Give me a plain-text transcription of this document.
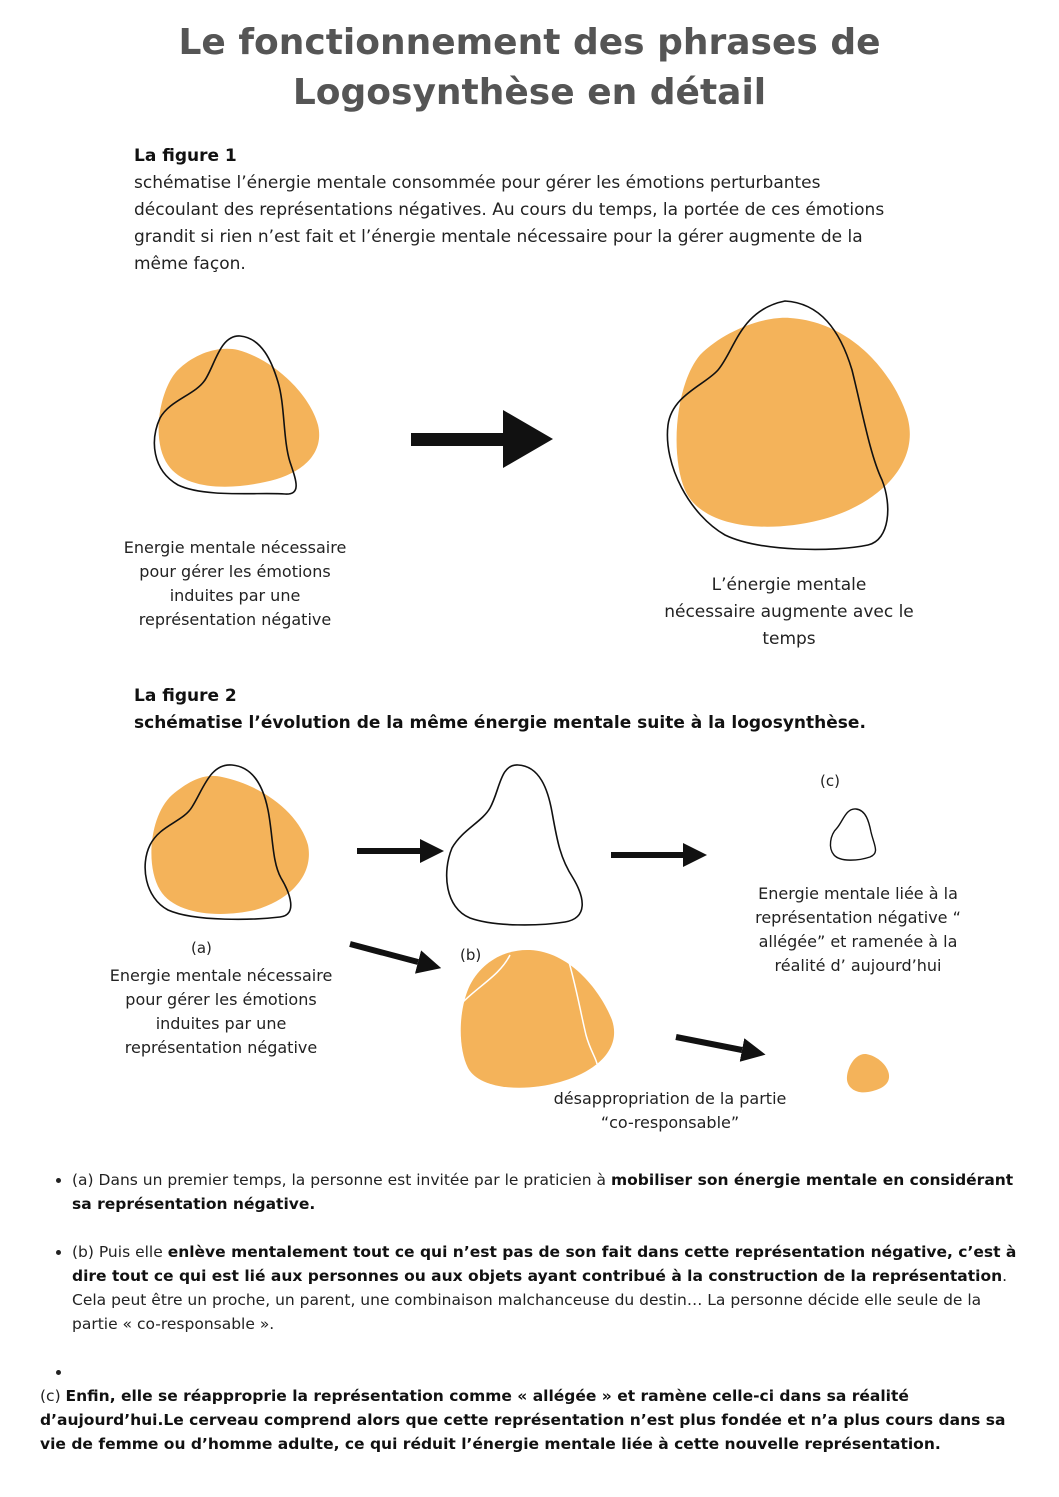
Le fonctionnement des phrases de Logosynthèse en détail
La figure 1
schématise l’énergie mentale consommée pour gérer les émotions perturbantes découlant des représentations négatives. Au cours du temps, la portée de ces émotions grandit si rien n’est fait et l’énergie mentale nécessaire pour la gérer augmente de la même façon.
Energie mentale nécessaire pour gérer les émotions induites par une représentation négative
L’énergie mentale nécessaire augmente avec le temps
La figure 2
schématise l’évolution de la même énergie mentale suite à la logosynthèse.
(c)
(a)	(b)
Energie mentale nécessaire pour gérer les émotions induites par une représentation négative
Energie mentale liée à la représentation négative “ allégée” et ramenée à la réalité d’ aujourd’hui
désappropriation de la partie “co-responsable”
• (a) Dans un premier temps, la personne est invitée par le praticien à mobiliser son énergie mentale en considérant sa représentation négative.
• (b) Puis elle enlève mentalement tout ce qui n’est pas de son fait dans cette représentation négative, c’est à dire tout ce qui est lié aux personnes ou aux objets ayant contribué à la construction de la représentation. Cela peut être un proche, un parent, une combinaison malchanceuse du destin… La personne décide elle seule de la partie « co-responsable ».
•
(c) Enfin, elle se réapproprie la représentation comme « allégée » et ramène celle-ci dans sa réalité d’aujourd’hui.Le cerveau comprend alors que cette représentation n’est plus fondée et n’a plus cours dans sa vie de femme ou d’homme adulte, ce qui réduit l’énergie mentale liée à cette nouvelle représentation.
